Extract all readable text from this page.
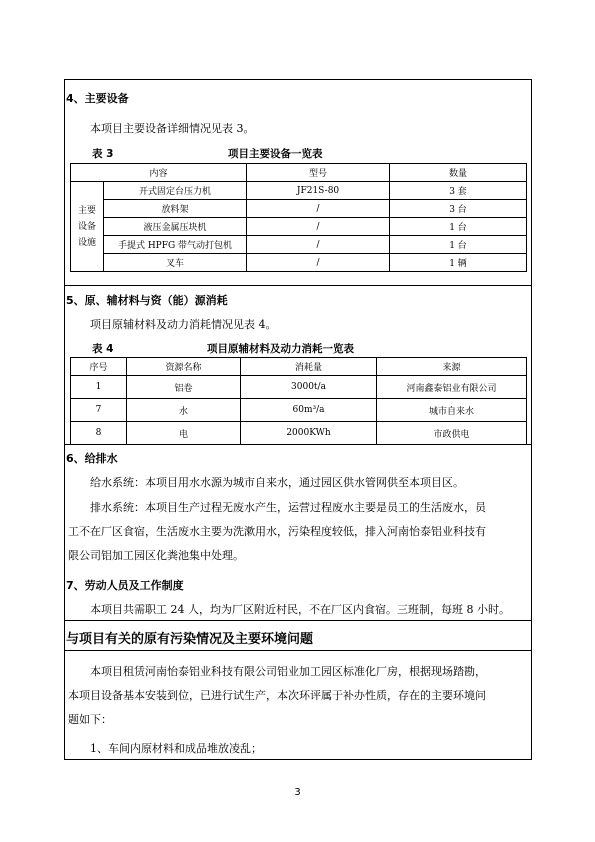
4、主要设备
本项目主要设备详细情况见表 3。
表 3	项目主要设备一览表
内容		型号	数量
主要
设备
设施	开式固定台压力机	JF21S-80	3 套
	放料架	/	3 台
	液压金属压块机	/	1 台
	手提式 HPFG 带气动打包机	/	1 台
	叉车	/	1 辆
5、原、辅材料与资（能）源消耗
项目原辅材料及动力消耗情况见表 4。
表 4	项目原辅材料及动力消耗一览表
序号	资源名称	消耗量	来源
1	铝卷	3000t/a	河南鑫泰铝业有限公司
7	水	60m³/a	城市自来水
8	电	2000KWh	市政供电
6、给排水
给水系统：本项目用水水源为城市自来水，通过园区供水管网供至本项目区。
排水系统：本项目生产过程无废水产生，运营过程废水主要是员工的生活废水，员
工不在厂区食宿，生活废水主要为洗漱用水，污染程度较低，排入河南怡泰铝业科技有
限公司铝加工园区化粪池集中处理。
7、劳动人员及工作制度
本项目共需职工 24 人，均为厂区附近村民，不在厂区内食宿。三班制，每班 8 小时。
与项目有关的原有污染情况及主要环境问题
本项目租赁河南怡泰铝业科技有限公司铝业加工园区标准化厂房，根据现场踏勘，
本项目设备基本安装到位，已进行试生产，本次环评属于补办性质，存在的主要环境问
题如下：
1、车间内原材料和成品堆放凌乱；
3
